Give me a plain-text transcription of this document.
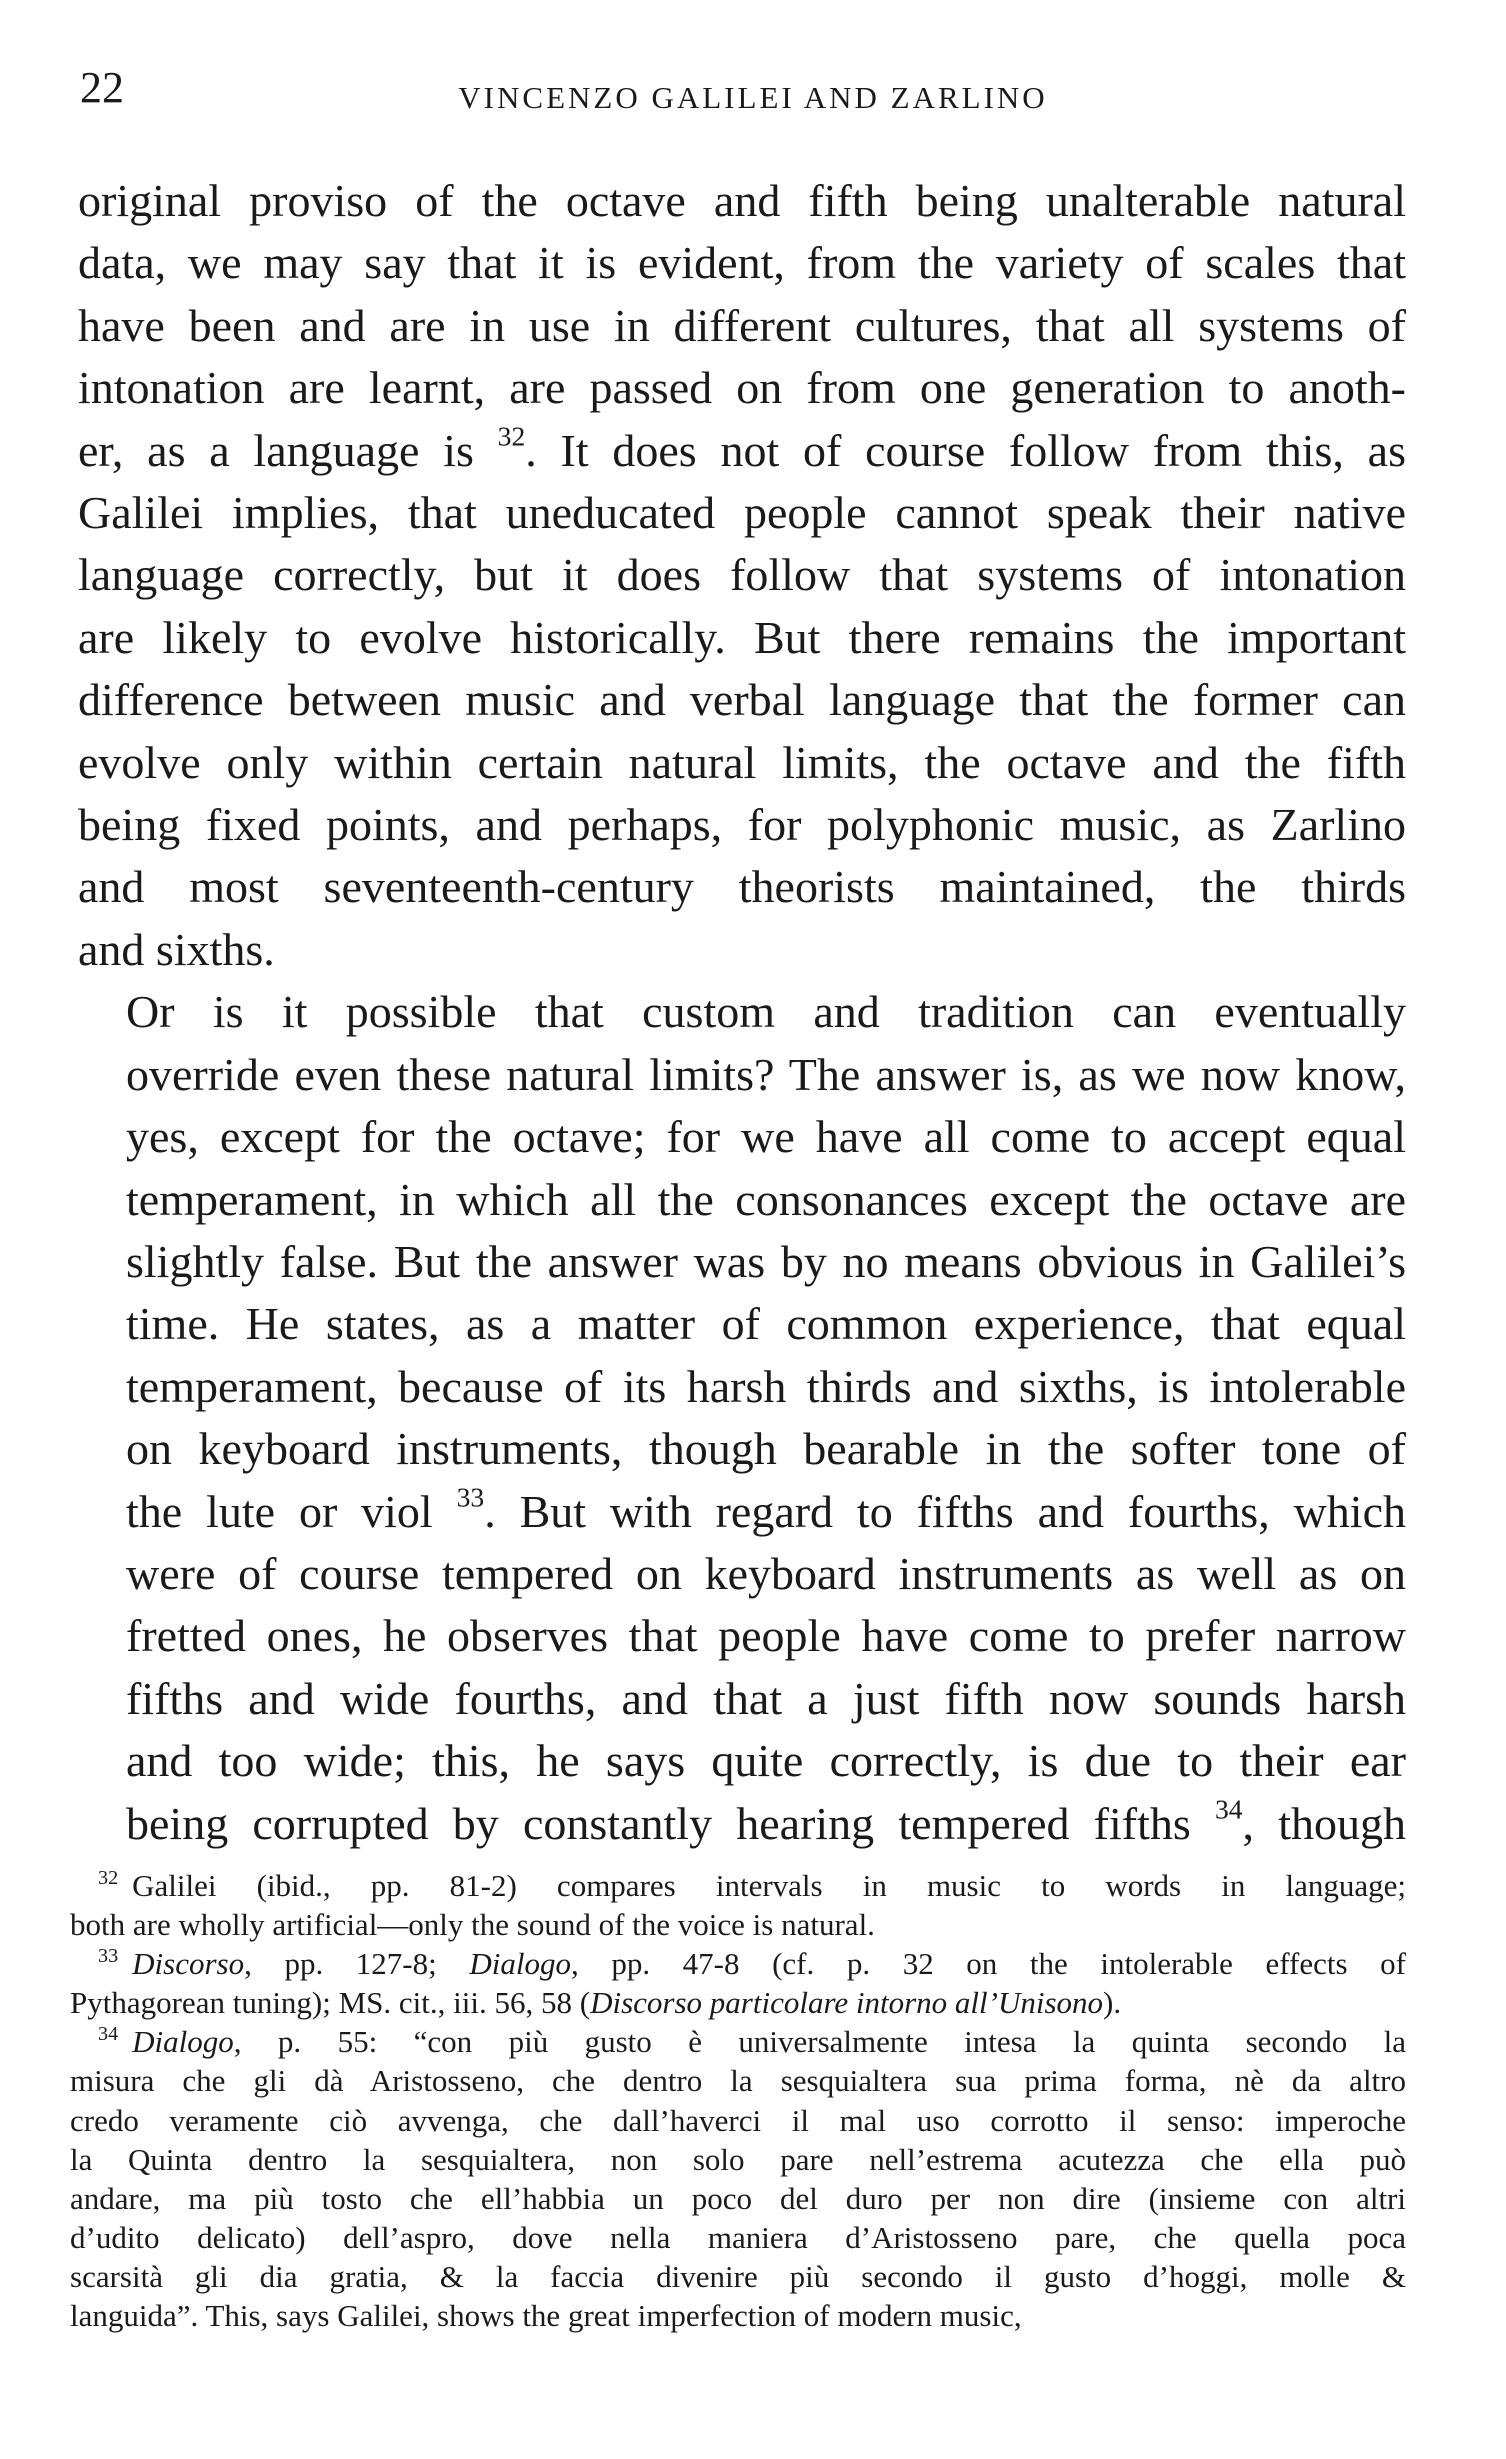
22	VINCENZO GALILEI AND ZARLINO

original proviso of the octave and fifth being unalterable natural
data, we may say that it is evident, from the variety of scales that
have been and are in use in different cultures, that all systems of
intonation are learnt, are passed on from one generation to anoth-
er, as a language is $^{32}$. It does not of course follow from this, as
Galilei implies, that uneducated people cannot speak their native
language correctly, but it does follow that systems of intonation
are likely to evolve historically. But there remains the important
difference between music and verbal language that the former can
evolve only within certain natural limits, the octave and the fifth
being fixed points, and perhaps, for polyphonic music, as Zarlino
and most seventeenth-century theorists maintained, the thirds
and sixths.

Or is it possible that custom and tradition can eventually
override even these natural limits? The answer is, as we now know,
yes, except for the octave; for we have all come to accept equal
temperament, in which all the consonances except the octave are
slightly false. But the answer was by no means obvious in Galilei’s
time. He states, as a matter of common experience, that equal
temperament, because of its harsh thirds and sixths, is intolerable
on keyboard instruments, though bearable in the softer tone of
the lute or viol $^{33}$. But with regard to fifths and fourths, which
were of course tempered on keyboard instruments as well as on
fretted ones, he observes that people have come to prefer narrow
fifths and wide fourths, and that a just fifth now sounds harsh
and too wide; this, he says quite correctly, is due to their ear
being corrupted by constantly hearing tempered fifths $^{34}$, though

$^{32}$ Galilei (ibid., pp. 81-2) compares intervals in music to words in language;
both are wholly artificial—only the sound of the voice is natural.

$^{33}$ Discorso, pp. 127-8; Dialogo, pp. 47-8 (cf. p. 32 on the intolerable effects of
Pythagorean tuning); MS. cit., iii. 56, 58 (Discorso particolare intorno all’Unisono).

$^{34}$ Dialogo, p. 55: “con più gusto è universalmente intesa la quinta secondo la
misura che gli dà Aristosseno, che dentro la sesquialtera sua prima forma, nè da altro
credo veramente ciò avvenga, che dall’haverci il mal uso corrotto il senso: imperoche
la Quinta dentro la sesquialtera, non solo pare nell’estrema acutezza che ella può
andare, ma più tosto che ell’habbia un poco del duro per non dire (insieme con altri
d’udito delicato) dell’aspro, dove nella maniera d’Aristosseno pare, che quella poca
scarsità gli dia gratia, & la faccia divenire più secondo il gusto d’hoggi, molle &
languida”. This, says Galilei, shows the great imperfection of modern music,
